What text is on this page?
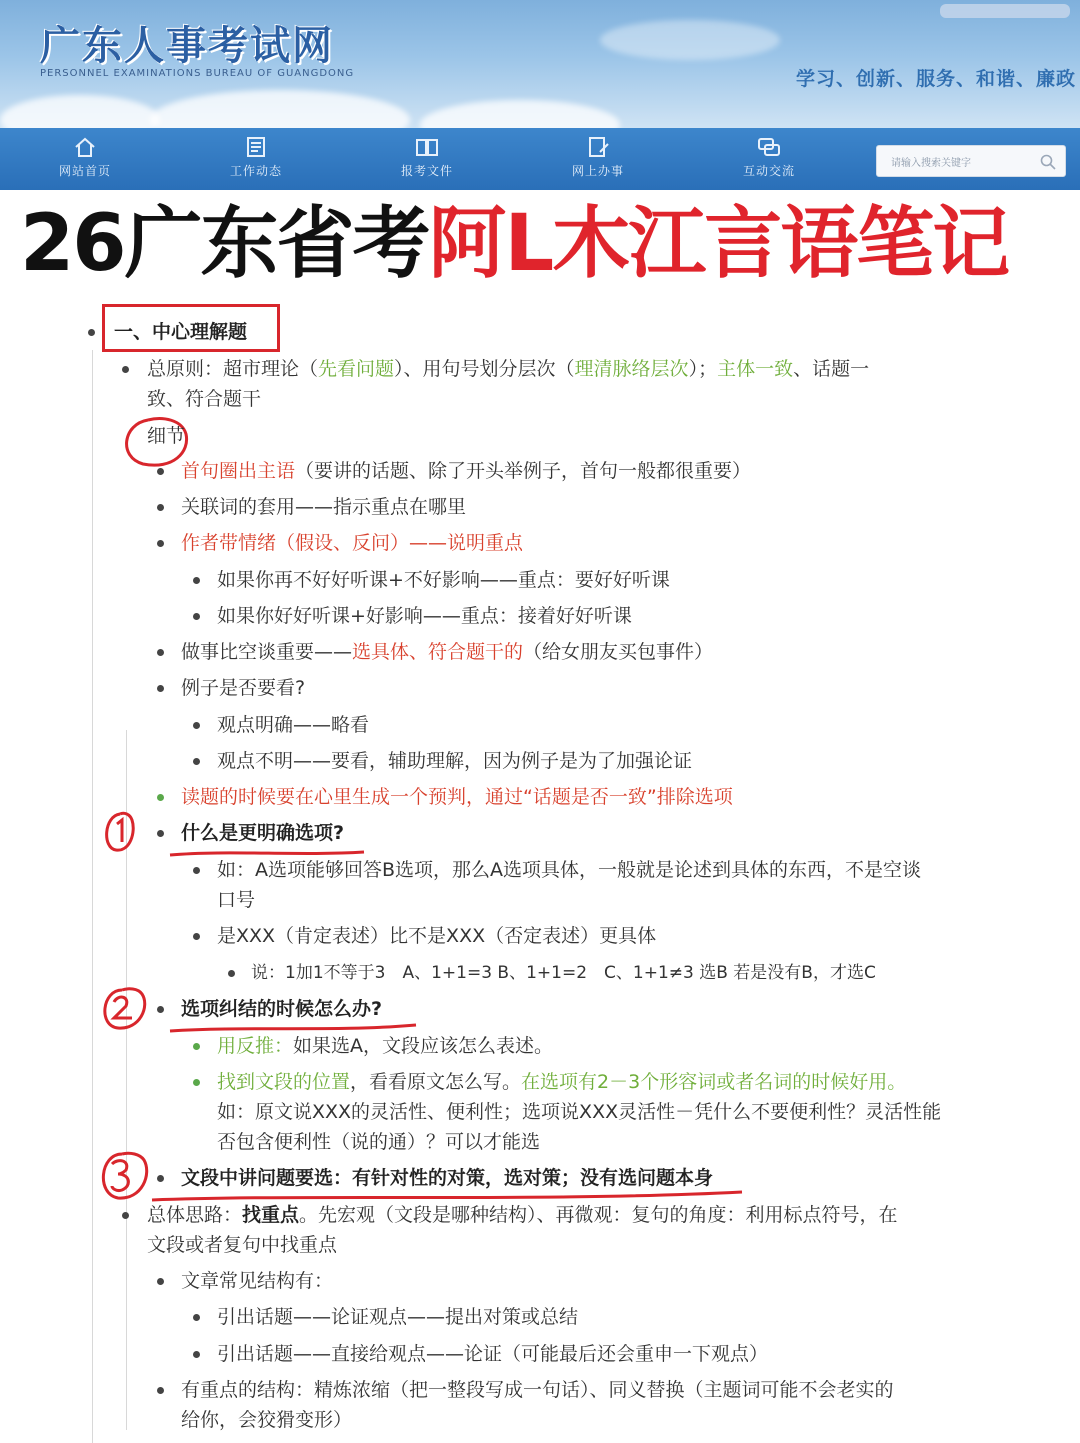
广东人事考试网
PERSONNEL EXAMINATIONS BUREAU OF GUANGDONG	学习、创新、服务、和谐、廉政
网站首页	工作动态	报考文件	网上办事	互动交流
请输入搜索关键字
26广东省考阿L木江言语笔记
一、中心理解题
总原则：超市理论（先看问题）、用句号划分层次（理清脉络层次）；主体一致、话题一
致、符合题干
细节
首句圈出主语（要讲的话题、除了开头举例子，首句一般都很重要）
关联词的套用——指示重点在哪里
作者带情绪（假设、反问）——说明重点
如果你再不好好听课+不好影响——重点：要好好听课
如果你好好听课+好影响——重点：接着好好听课
做事比空谈重要——选具体、符合题干的（给女朋友买包事件）
例子是否要看?
观点明确——略看
观点不明——要看，辅助理解，因为例子是为了加强论证
读题的时候要在心里生成一个预判，通过“话题是否一致”排除选项
什么是更明确选项?
如：A选项能够回答B选项，那么A选项具体，一般就是论述到具体的东西，不是空谈
口号
是XXX（肯定表述）比不是XXX（否定表述）更具体
说：1加1不等于3　A、1+1=3 B、1+1=2　C、1+1≠3 选B 若是没有B，才选C
选项纠结的时候怎么办?
用反推：如果选A，文段应该怎么表述。
找到文段的位置，看看原文怎么写。在选项有2－3个形容词或者名词的时候好用。
如：原文说XXX的灵活性、便利性；选项说XXX灵活性－凭什么不要便利性？灵活性能
否包含便利性（说的通）？可以才能选
文段中讲问题要选：有针对性的对策，选对策；没有选问题本身
总体思路：找重点。先宏观（文段是哪种结构）、再微观：复句的角度：利用标点符号，在
文段或者复句中找重点
文章常见结构有：
引出话题——论证观点——提出对策或总结
引出话题——直接给观点——论证（可能最后还会重申一下观点）
有重点的结构：精炼浓缩（把一整段写成一句话）、同义替换（主题词可能不会老实的
给你，会狡猾变形）
